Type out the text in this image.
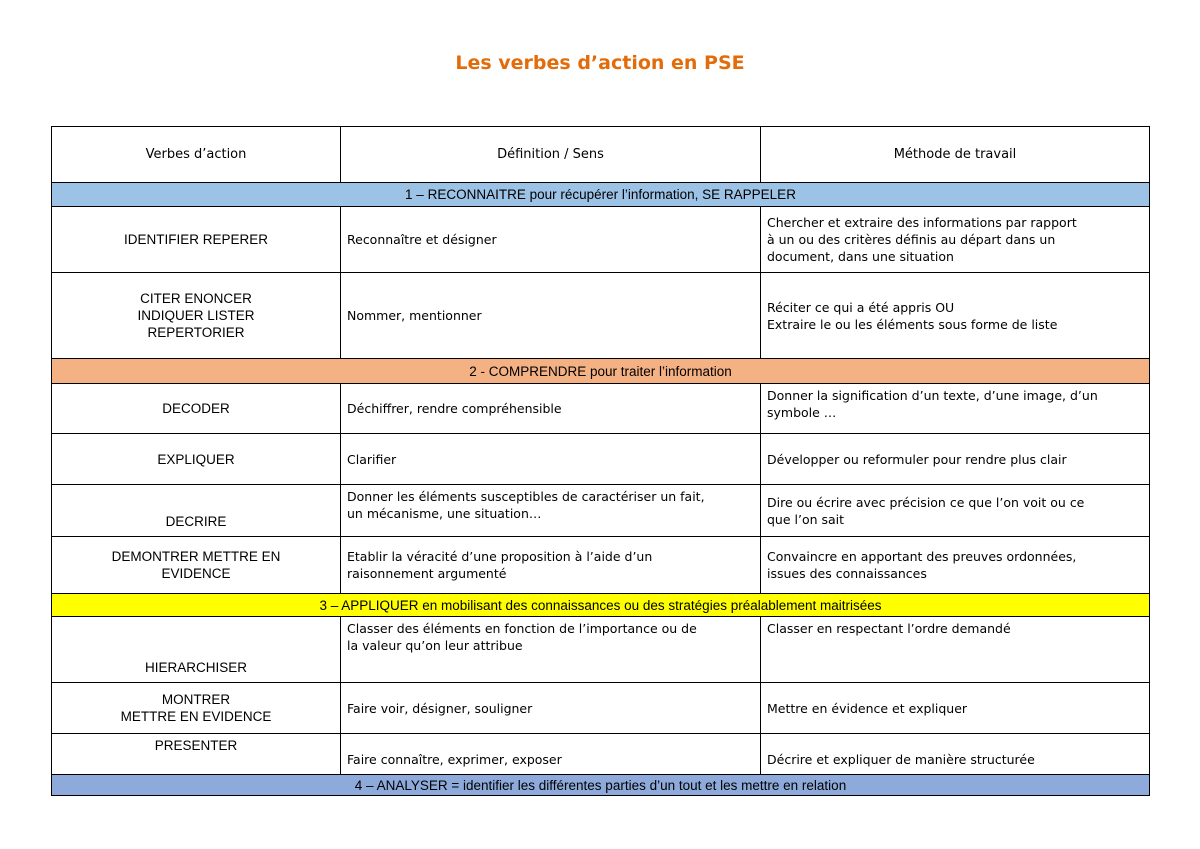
Les verbes d’action en PSE
Verbes d’action	Définition / Sens	Méthode de travail
1 – RECONNAITRE pour récupérer l’information, SE RAPPELER		

IDENTIFIER REPERER	Reconnaître et désigner	Chercher et extraire des informations par rapport
à un ou des critères définis au départ dans un
document, dans une situation

CITER ENONCER
INDIQUER LISTER
REPERTORIER	Nommer, mentionner	Réciter ce qui a été appris OU
Extraire le ou les éléments sous forme de liste

2 - COMPRENDRE pour traiter l’information		

DECODER	Déchiffrer, rendre compréhensible	Donner la signification d’un texte, d’une image, d’un
symbole …

EXPLIQUER	Clarifier	Développer ou reformuler pour rendre plus clair

DECRIRE	Donner les éléments susceptibles de caractériser un fait,
un mécanisme, une situation…	Dire ou écrire avec précision ce que l’on voit ou ce
que l’on sait

DEMONTRER METTRE EN
EVIDENCE	Etablir la véracité d’une proposition à l’aide d’un
raisonnement argumenté	Convaincre en apportant des preuves ordonnées,
issues des connaissances

3 – APPLIQUER en mobilisant des connaissances ou des stratégies préalablement maitrisées		

HIERARCHISER	Classer des éléments en fonction de l’importance ou de
la valeur qu’on leur attribue	Classer en respectant l’ordre demandé

MONTRER
METTRE EN EVIDENCE	Faire voir, désigner, souligner	Mettre en évidence et expliquer

PRESENTER	Faire connaître, exprimer, exposer	Décrire et expliquer de manière structurée

4 – ANALYSER = identifier les différentes parties d’un tout et les mettre en relation		
